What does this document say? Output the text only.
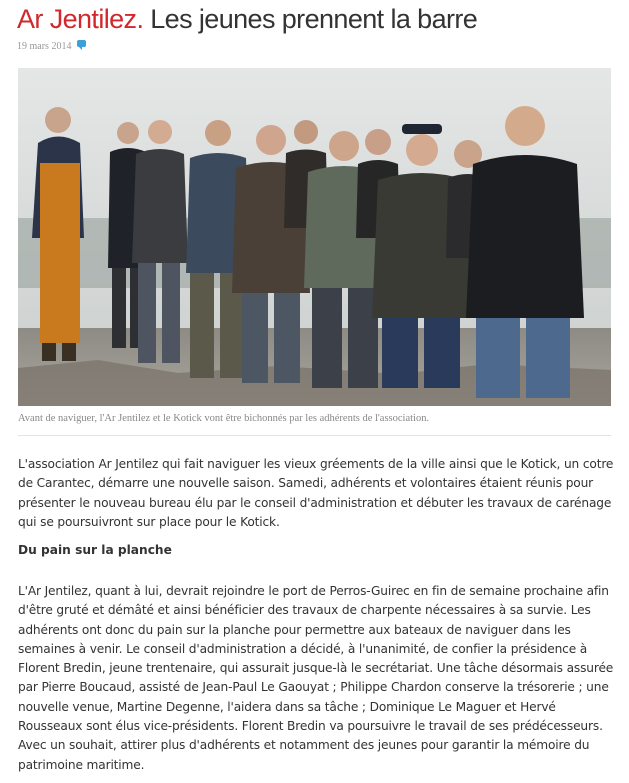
Ar Jentilez. Les jeunes prennent la barre
19 mars 2014

Avant de naviguer, l'Ar Jentilez et le Kotick vont être bichonnés par les adhérents de l'association.

L'association Ar Jentilez qui fait naviguer les vieux gréements de la ville ainsi que le Kotick, un cotre de Carantec, démarre une nouvelle saison. Samedi, adhérents et volontaires étaient réunis pour présenter le nouveau bureau élu par le conseil d'administration et débuter les travaux de carénage qui se poursuivront sur place pour le Kotick.

Du pain sur la planche

L'Ar Jentilez, quant à lui, devrait rejoindre le port de Perros-Guirec en fin de semaine prochaine afin d'être gruté et démâté et ainsi bénéficier des travaux de charpente nécessaires à sa survie. Les adhérents ont donc du pain sur la planche pour permettre aux bateaux de naviguer dans les semaines à venir. Le conseil d'administration a décidé, à l'unanimité, de confier la présidence à Florent Bredin, jeune trentenaire, qui assurait jusque-là le secrétariat. Une tâche désormais assurée par Pierre Boucaud, assisté de Jean-Paul Le Gaouyat ; Philippe Chardon conserve la trésorerie ; une nouvelle venue, Martine Degenne, l'aidera dans sa tâche ; Dominique Le Maguer et Hervé Rousseaux sont élus vice-présidents. Florent Bredin va poursuivre le travail de ses prédécesseurs. Avec un souhait, attirer plus d'adhérents et notamment des jeunes pour garantir la mémoire du patrimoine maritime.
